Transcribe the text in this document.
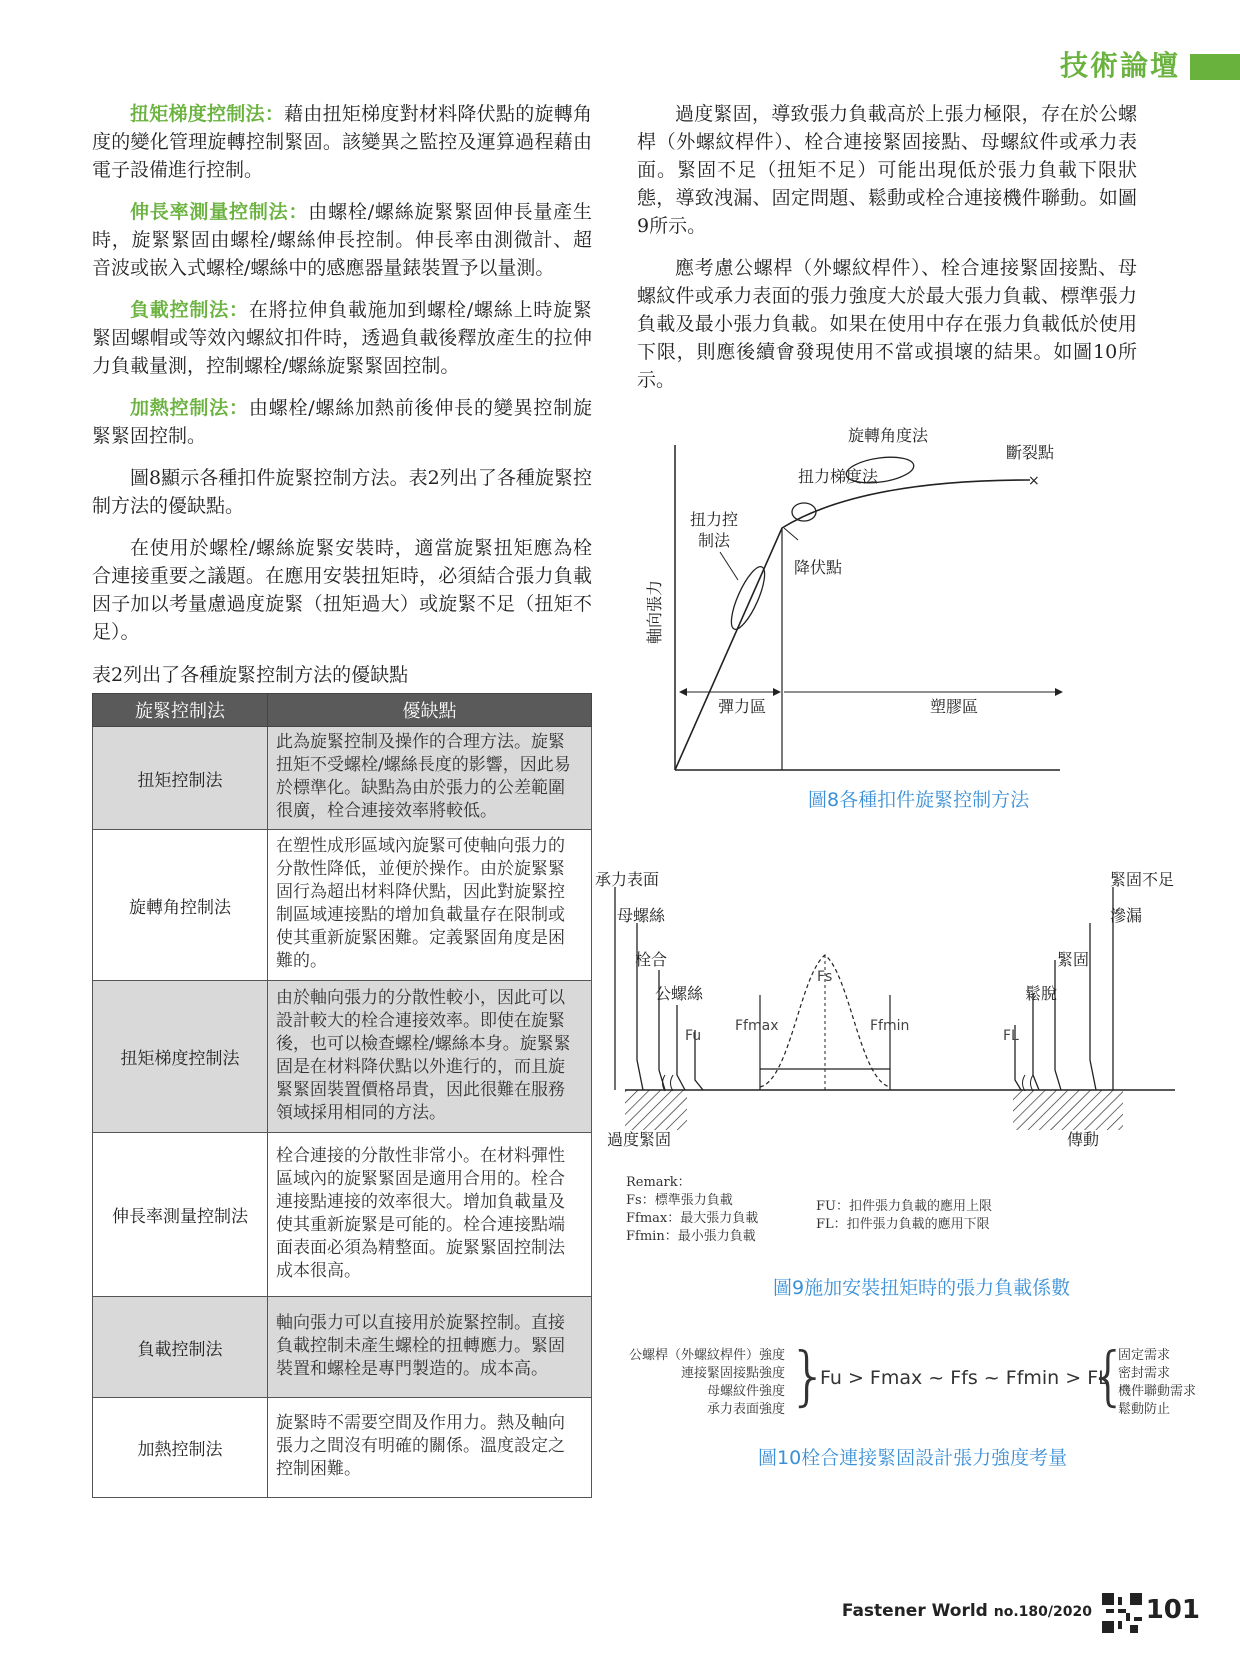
技術論壇

扭矩梯度控制法：藉由扭矩梯度對材料降伏點的旋轉角度的變化管理旋轉控制緊固。該變異之監控及運算過程藉由電子設備進行控制。

伸長率測量控制法：由螺栓/螺絲旋緊緊固伸長量產生時，旋緊緊固由螺栓/螺絲伸長控制。伸長率由測微計、超音波或嵌入式螺栓/螺絲中的感應器量錶裝置予以量測。

負載控制法：在將拉伸負載施加到螺栓/螺絲上時旋緊緊固螺帽或等效內螺紋扣件時，透過負載後釋放產生的拉伸力負載量測，控制螺栓/螺絲旋緊緊固控制。

加熱控制法：由螺栓/螺絲加熱前後伸長的變異控制旋緊緊固控制。

圖8顯示各種扣件旋緊控制方法。表2列出了各種旋緊控制方法的優缺點。

在使用於螺栓/螺絲旋緊安裝時，適當旋緊扭矩應為栓合連接重要之議題。在應用安裝扭矩時，必須結合張力負載因子加以考量慮過度旋緊（扭矩過大）或旋緊不足（扭矩不足）。

表2列出了各種旋緊控制方法的優缺點
旋緊控制法	優缺點
扭矩控制法	此為旋緊控制及操作的合理方法。旋緊扭矩不受螺栓/螺絲長度的影響，因此易於標準化。缺點為由於張力的公差範圍很廣，栓合連接效率將較低。
旋轉角控制法	在塑性成形區域內旋緊可使軸向張力的分散性降低，並便於操作。由於旋緊緊固行為超出材料降伏點，因此對旋緊控制區域連接點的增加負載量存在限制或使其重新旋緊困難。定義緊固角度是困難的。
扭矩梯度控制法	由於軸向張力的分散性較小，因此可以設計較大的栓合連接效率。即使在旋緊後，也可以檢查螺栓/螺絲本身。旋緊緊固是在材料降伏點以外進行的，而且旋緊緊固裝置價格昂貴，因此很難在服務領域採用相同的方法。
伸長率測量控制法	栓合連接的分散性非常小。在材料彈性區域內的旋緊緊固是適用合用的。栓合連接點連接的效率很大。增加負載量及使其重新旋緊是可能的。栓合連接點端面表面必須為精整面。旋緊緊固控制法成本很高。
負載控制法	軸向張力可以直接用於旋緊控制。直接負載控制未產生螺栓的扭轉應力。緊固裝置和螺栓是專門製造的。成本高。
加熱控制法	旋緊時不需要空間及作用力。熱及軸向張力之間沒有明確的關係。溫度設定之控制困難。

過度緊固，導致張力負載高於上張力極限，存在於公螺桿（外螺紋桿件）、栓合連接緊固接點、母螺紋件或承力表面。緊固不足（扭矩不足）可能出現低於張力負載下限狀態，導致洩漏、固定問題、鬆動或栓合連接機件聯動。如圖9所示。

應考慮公螺桿（外螺紋桿件）、栓合連接緊固接點、母螺紋件或承力表面的張力強度大於最大張力負載、標準張力負載及最小張力負載。如果在使用中存在張力負載低於使用下限，則應後續會發現使用不當或損壞的結果。如圖10所示。

×
扭力梯度法
旋轉角度法
斷裂點
扭力控
制法
降伏點
彈力區	塑膠區
軸向張力
圖8各種扣件旋緊控制方法
承力表面
母螺絲
栓合
公螺絲
Fu
Fs
Ffmax	Ffmin
FL
緊固不足
滲漏
緊固
鬆脫
過度緊固	傳動
Remark：
Fs：標準張力負載
Ffmax：最大張力負載
Ffmin：最小張力負載
FU：扣件張力負載的應用上限
FL：扣件張力負載的應用下限
圖9施加安裝扭矩時的張力負載係數
公螺桿（外螺紋桿件）強度
連接緊固接點強度
母螺紋件強度
承力表面強度 }
Fu > Fmax ~ Ffs ~ Ffmin > FL
{
固定需求
密封需求
機件聯動需求
鬆動防止
圖10栓合連接緊固設計張力強度考量
Fastener World no.180/2020 101
